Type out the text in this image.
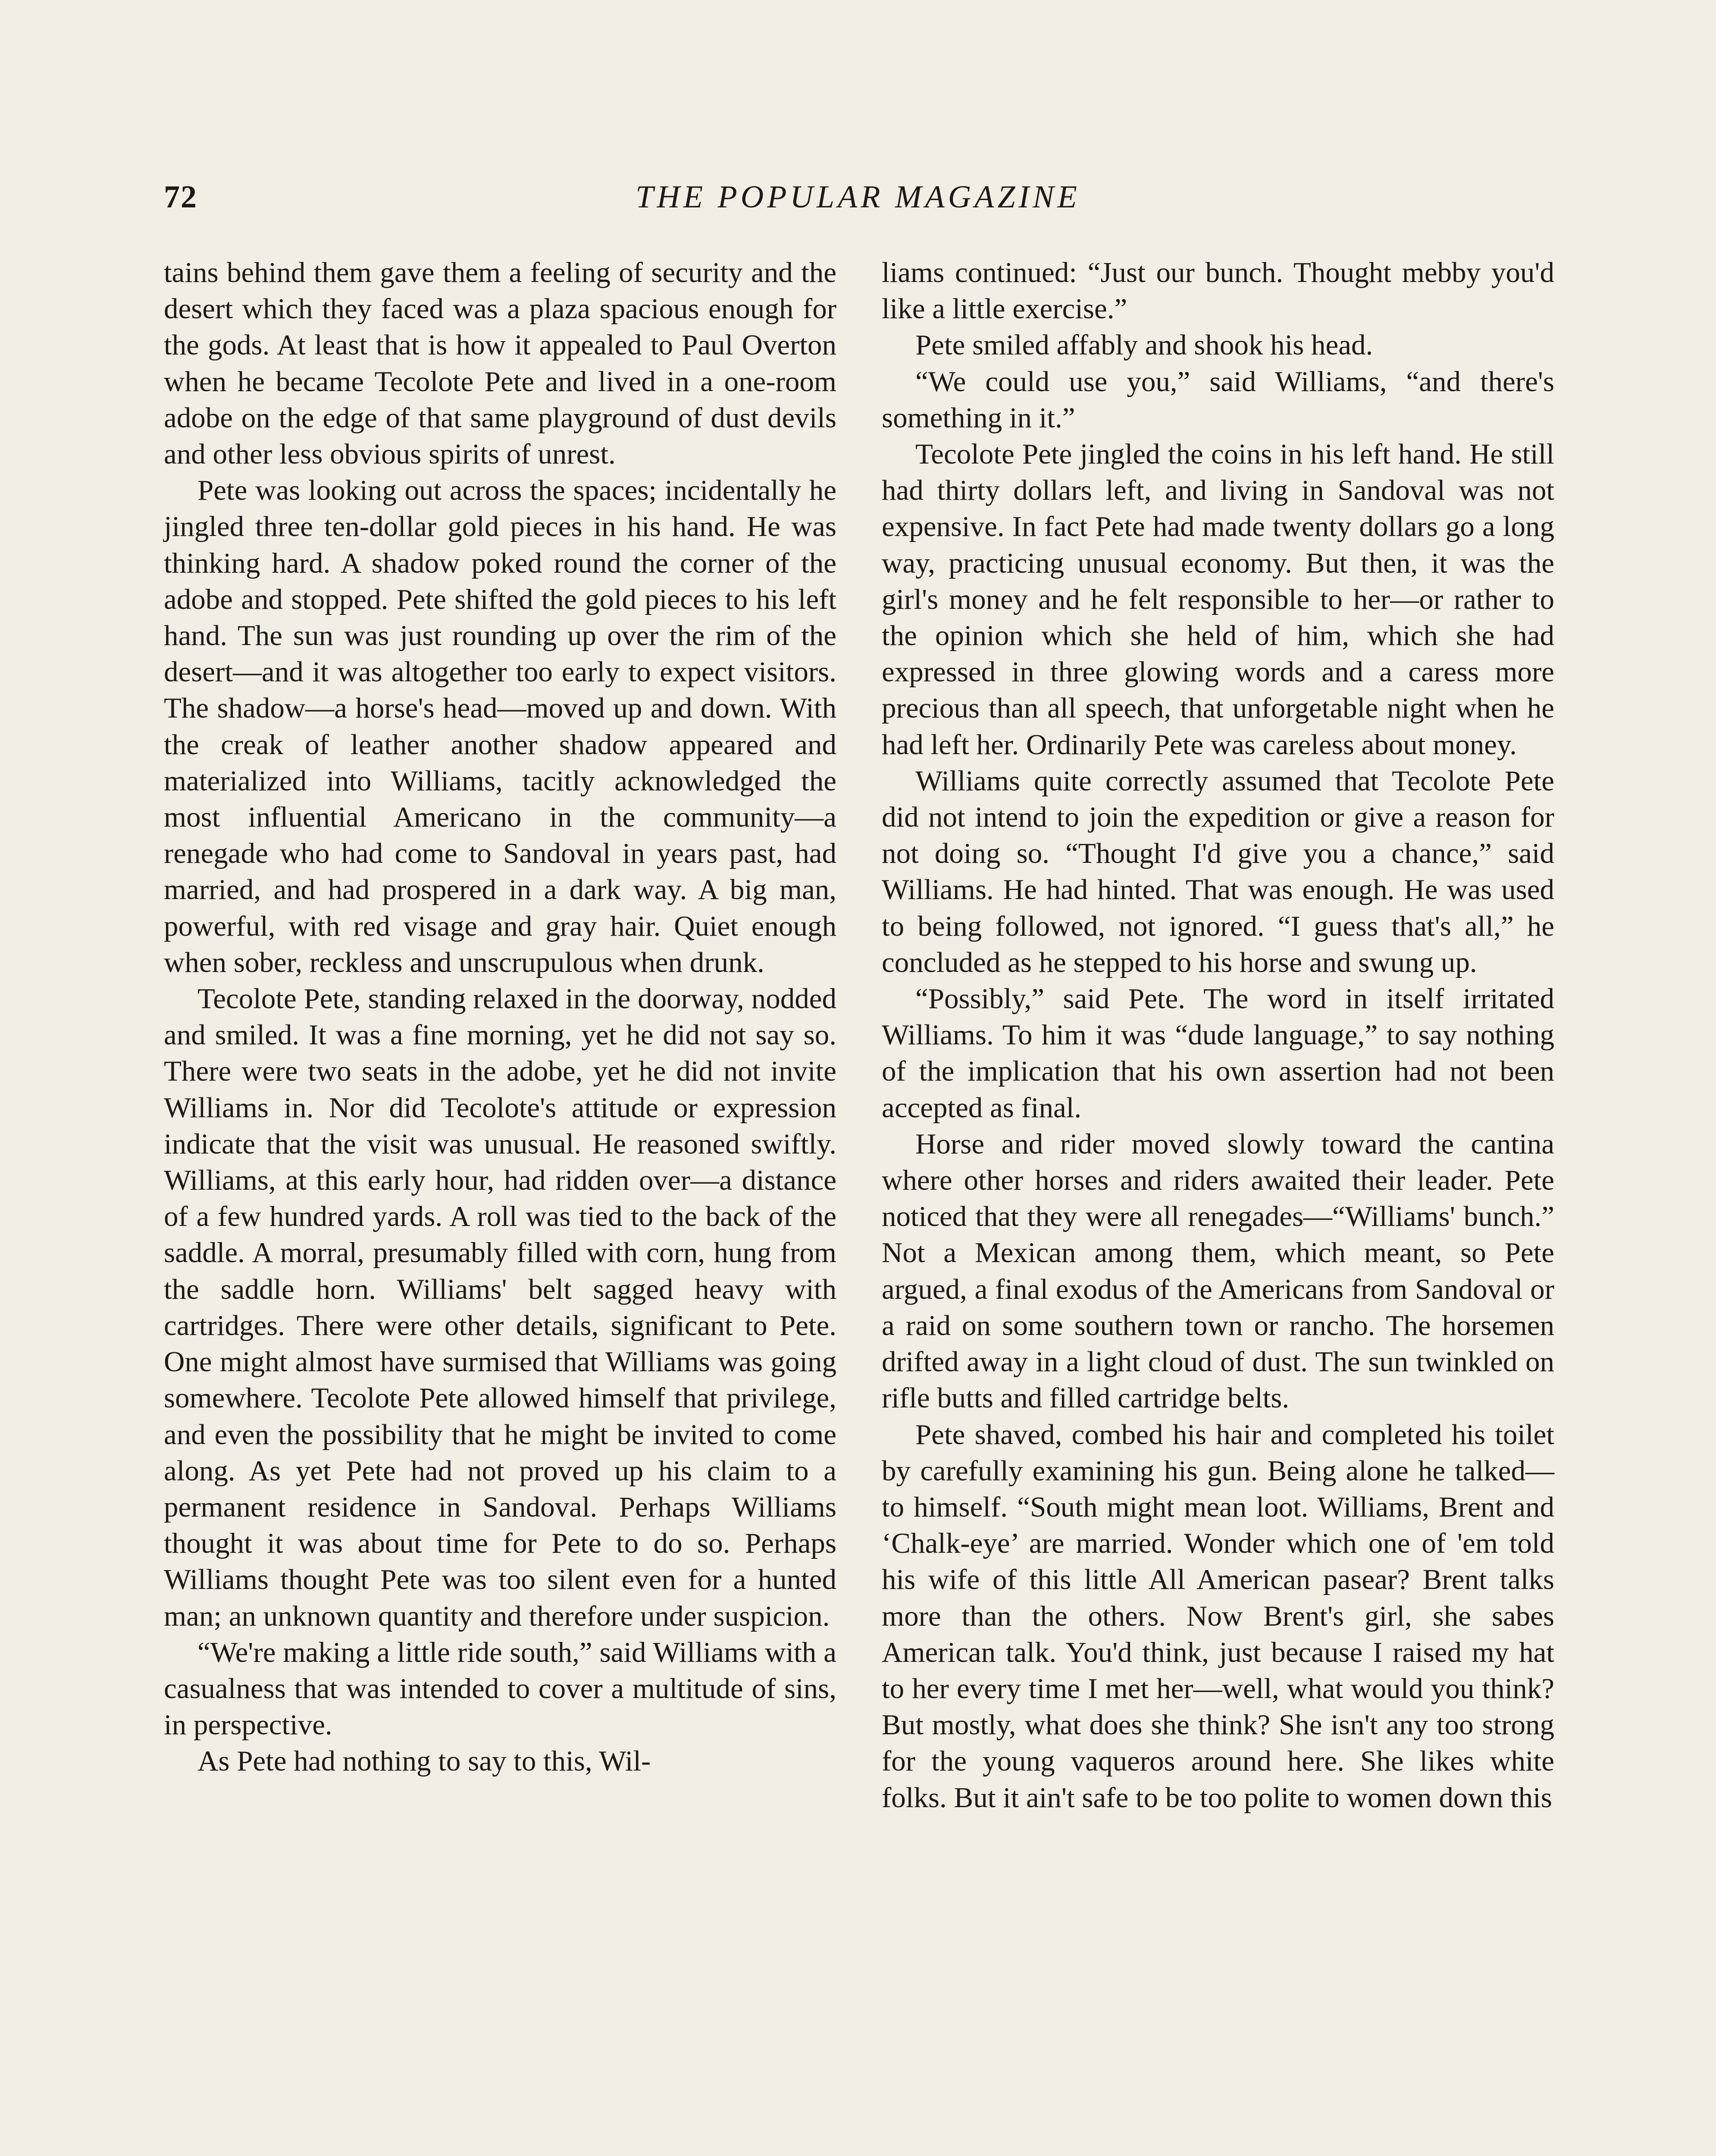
72	THE POPULAR MAGAZINE

tains behind them gave them a feeling of security and the desert which they faced was a plaza spacious enough for the gods. At least that is how it appealed to Paul Overton when he became Tecolote Pete and lived in a one-room adobe on the edge of that same playground of dust devils and other less obvious spirits of unrest.

Pete was looking out across the spaces; incidentally he jingled three ten-dollar gold pieces in his hand. He was thinking hard. A shadow poked round the corner of the adobe and stopped. Pete shifted the gold pieces to his left hand. The sun was just rounding up over the rim of the desert—and it was altogether too early to expect visitors. The shadow—a horse's head—moved up and down. With the creak of leather another shadow appeared and materialized into Williams, tacitly acknowledged the most influential Americano in the community—a renegade who had come to Sandoval in years past, had married, and had prospered in a dark way. A big man, powerful, with red visage and gray hair. Quiet enough when sober, reckless and unscrupulous when drunk.

Tecolote Pete, standing relaxed in the doorway, nodded and smiled. It was a fine morning, yet he did not say so. There were two seats in the adobe, yet he did not invite Williams in. Nor did Tecolote's attitude or expression indicate that the visit was unusual. He reasoned swiftly. Williams, at this early hour, had ridden over—a distance of a few hundred yards. A roll was tied to the back of the saddle. A morral, presumably filled with corn, hung from the saddle horn. Williams' belt sagged heavy with cartridges. There were other details, significant to Pete. One might almost have surmised that Williams was going somewhere. Tecolote Pete allowed himself that privilege, and even the possibility that he might be invited to come along. As yet Pete had not proved up his claim to a permanent residence in Sandoval. Perhaps Williams thought it was about time for Pete to do so. Perhaps Williams thought Pete was too silent even for a hunted man; an unknown quantity and therefore under suspicion.

“We're making a little ride south,” said Williams with a casualness that was intended to cover a multitude of sins, in perspective.

As Pete had nothing to say to this, Wil-

liams continued: “Just our bunch. Thought mebby you'd like a little exercise.”

Pete smiled affably and shook his head.

“We could use you,” said Williams, “and there's something in it.”

Tecolote Pete jingled the coins in his left hand. He still had thirty dollars left, and living in Sandoval was not expensive. In fact Pete had made twenty dollars go a long way, practicing unusual economy. But then, it was the girl's money and he felt responsible to her—or rather to the opinion which she held of him, which she had expressed in three glowing words and a caress more precious than all speech, that unforgetable night when he had left her. Ordinarily Pete was careless about money.

Williams quite correctly assumed that Tecolote Pete did not intend to join the expedition or give a reason for not doing so. “Thought I'd give you a chance,” said Williams. He had hinted. That was enough. He was used to being followed, not ignored. “I guess that's all,” he concluded as he stepped to his horse and swung up.

“Possibly,” said Pete. The word in itself irritated Williams. To him it was “dude language,” to say nothing of the implication that his own assertion had not been accepted as final.

Horse and rider moved slowly toward the cantina where other horses and riders awaited their leader. Pete noticed that they were all renegades—“Williams' bunch.” Not a Mexican among them, which meant, so Pete argued, a final exodus of the Americans from Sandoval or a raid on some southern town or rancho. The horsemen drifted away in a light cloud of dust. The sun twinkled on rifle butts and filled cartridge belts.

Pete shaved, combed his hair and completed his toilet by carefully examining his gun. Being alone he talked—to himself. “South might mean loot. Williams, Brent and ‘Chalk-eye’ are married. Wonder which one of 'em told his wife of this little All American pasear? Brent talks more than the others. Now Brent's girl, she sabes American talk. You'd think, just because I raised my hat to her every time I met her—well, what would you think? But mostly, what does she think? She isn't any too strong for the young vaqueros around here. She likes white folks. But it ain't safe to be too polite to women down this
